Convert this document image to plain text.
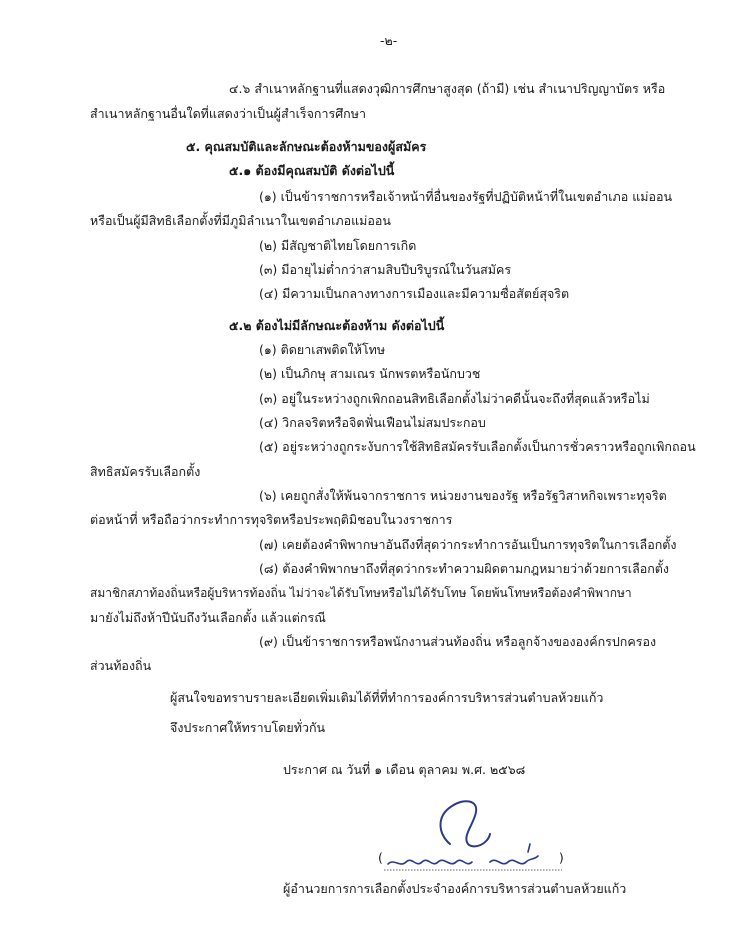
-๒-
๔.๖ สำเนาหลักฐานที่แสดงวุฒิการศึกษาสูงสุด (ถ้ามี) เช่น สำเนาปริญญาบัตร หรือ
สำเนาหลักฐานอื่นใดที่แสดงว่าเป็นผู้สำเร็จการศึกษา
๕. คุณสมบัติและลักษณะต้องห้ามของผู้สมัคร
๕.๑ ต้องมีคุณสมบัติ ดังต่อไปนี้
(๑) เป็นข้าราชการหรือเจ้าหน้าที่อื่นของรัฐที่ปฏิบัติหน้าที่ในเขตอำเภอ แม่ออน
หรือเป็นผู้มีสิทธิเลือกตั้งที่มีภูมิลำเนาในเขตอำเภอแม่ออน
(๒) มีสัญชาติไทยโดยการเกิด
(๓) มีอายุไม่ต่ำกว่าสามสิบปีบริบูรณ์ในวันสมัคร
(๔) มีความเป็นกลางทางการเมืองและมีความซื่อสัตย์สุจริต
๕.๒ ต้องไม่มีลักษณะต้องห้าม ดังต่อไปนี้
(๑) ติดยาเสพติดให้โทษ
(๒) เป็นภิกษุ สามเณร นักพรตหรือนักบวช
(๓) อยู่ในระหว่างถูกเพิกถอนสิทธิเลือกตั้งไม่ว่าคดีนั้นจะถึงที่สุดแล้วหรือไม่
(๔) วิกลจริตหรือจิตฟั่นเฟือนไม่สมประกอบ
(๕) อยู่ระหว่างถูกระงับการใช้สิทธิสมัครรับเลือกตั้งเป็นการชั่วคราวหรือถูกเพิกถอน
สิทธิสมัครรับเลือกตั้ง
(๖) เคยถูกสั่งให้พ้นจากราชการ หน่วยงานของรัฐ หรือรัฐวิสาหกิจเพราะทุจริต
ต่อหน้าที่ หรือถือว่ากระทำการทุจริตหรือประพฤติมิชอบในวงราชการ
(๗) เคยต้องคำพิพากษาอันถึงที่สุดว่ากระทำการอันเป็นการทุจริตในการเลือกตั้ง
(๘) ต้องคำพิพากษาถึงที่สุดว่ากระทำความผิดตามกฎหมายว่าด้วยการเลือกตั้ง
สมาชิกสภาท้องถิ่นหรือผู้บริหารท้องถิ่น ไม่ว่าจะได้รับโทษหรือไม่ได้รับโทษ โดยพ้นโทษหรือต้องคำพิพากษา
มายังไม่ถึงห้าปีนับถึงวันเลือกตั้ง แล้วแต่กรณี
(๙) เป็นข้าราชการหรือพนักงานส่วนท้องถิ่น หรือลูกจ้างขององค์กรปกครอง
ส่วนท้องถิ่น
ผู้สนใจขอทราบรายละเอียดเพิ่มเติมได้ที่ที่ทำการองค์การบริหารส่วนตำบลห้วยแก้ว
จึงประกาศให้ทราบโดยทั่วกัน
ประกาศ ณ วันที่ ๑ เดือน ตุลาคม พ.ศ. ๒๕๖๘
(	)
ผู้อำนวยการการเลือกตั้งประจำองค์การบริหารส่วนตำบลห้วยแก้ว
